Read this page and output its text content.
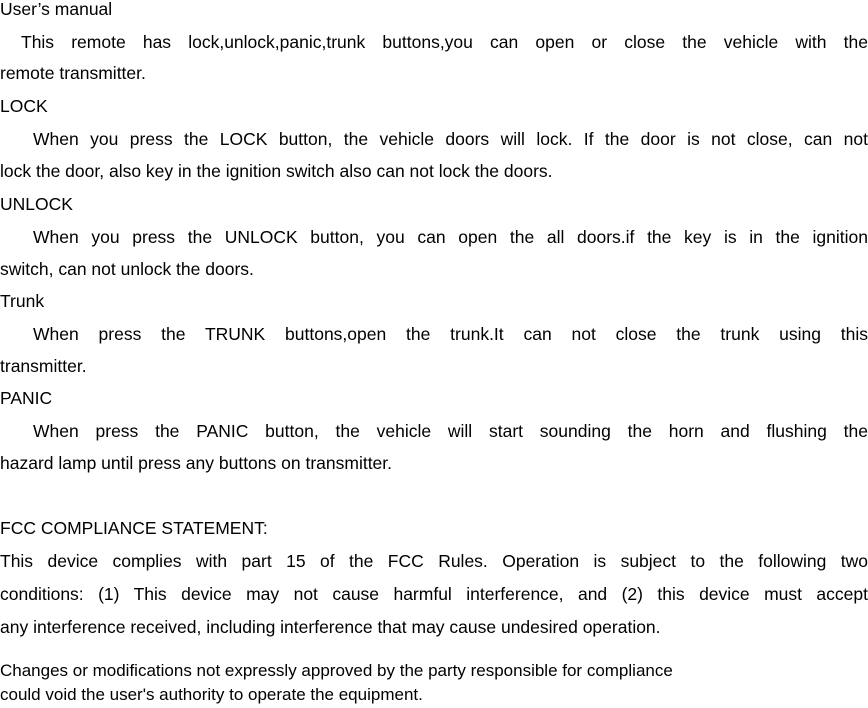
User’s manual
This remote has lock,unlock,panic,trunk buttons,you can open or close the vehicle with the
remote transmitter.
LOCK
When you press the LOCK button, the vehicle doors will lock. If the door is not close, can not
lock the door, also key in the ignition switch also can not lock the doors.
UNLOCK
When you press the UNLOCK button, you can open the all doors.if the key is in the ignition
switch, can not unlock the doors.
Trunk
When press the TRUNK buttons,open the trunk.It can not close the trunk using this
transmitter.
PANIC
When press the PANIC button, the vehicle will start sounding the horn and flushing the
hazard lamp until press any buttons on transmitter.
FCC COMPLIANCE STATEMENT:
This device complies with part 15 of the FCC Rules. Operation is subject to the following two
conditions: (1) This device may not cause harmful interference, and (2) this device must accept
any interference received, including interference that may cause undesired operation.
Changes or modifications not expressly approved by the party responsible for compliance
could void the user's authority to operate the equipment.
